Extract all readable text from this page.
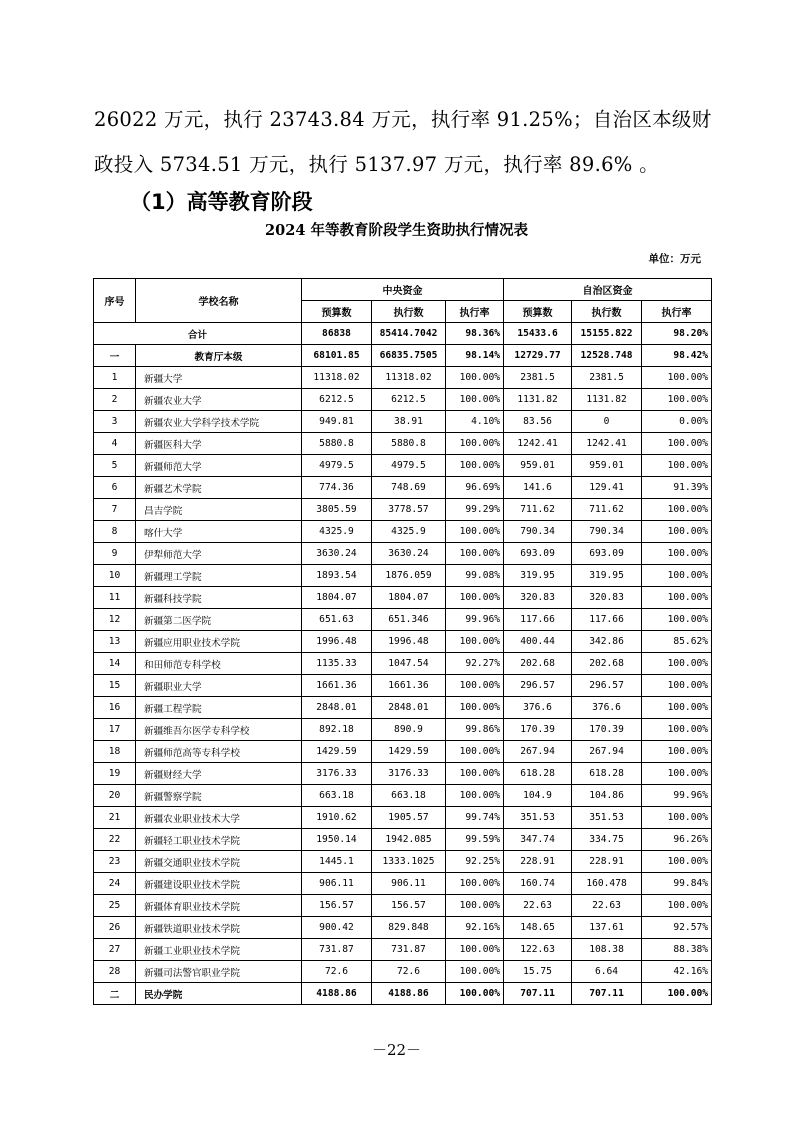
26022 万元，执行 23743.84 万元，执行率 91.25%；自治区本级财
政投入 5734.51 万元，执行 5137.97 万元，执行率 89.6% 。
（1）高等教育阶段
2024 年等教育阶段学生资助执行情况表
单位：万元
序号	学校名称	中央资金			自治区资金		
		预算数	执行数	执行率	预算数	执行数	执行率
合计		86838	85414.7042	98.36%	15433.6	15155.822	98.20%
一	教育厅本级	68101.85	66835.7505	98.14%	12729.77	12528.748	98.42%
1	新疆大学	11318.02	11318.02	100.00%	2381.5	2381.5	100.00%
2	新疆农业大学	6212.5	6212.5	100.00%	1131.82	1131.82	100.00%
3	新疆农业大学科学技术学院	949.81	38.91	4.10%	83.56	0	0.00%
4	新疆医科大学	5880.8	5880.8	100.00%	1242.41	1242.41	100.00%
5	新疆师范大学	4979.5	4979.5	100.00%	959.01	959.01	100.00%
6	新疆艺术学院	774.36	748.69	96.69%	141.6	129.41	91.39%
7	昌吉学院	3805.59	3778.57	99.29%	711.62	711.62	100.00%
8	喀什大学	4325.9	4325.9	100.00%	790.34	790.34	100.00%
9	伊犁师范大学	3630.24	3630.24	100.00%	693.09	693.09	100.00%
10	新疆理工学院	1893.54	1876.059	99.08%	319.95	319.95	100.00%
11	新疆科技学院	1804.07	1804.07	100.00%	320.83	320.83	100.00%
12	新疆第二医学院	651.63	651.346	99.96%	117.66	117.66	100.00%
13	新疆应用职业技术学院	1996.48	1996.48	100.00%	400.44	342.86	85.62%
14	和田师范专科学校	1135.33	1047.54	92.27%	202.68	202.68	100.00%
15	新疆职业大学	1661.36	1661.36	100.00%	296.57	296.57	100.00%
16	新疆工程学院	2848.01	2848.01	100.00%	376.6	376.6	100.00%
17	新疆维吾尔医学专科学校	892.18	890.9	99.86%	170.39	170.39	100.00%
18	新疆师范高等专科学校	1429.59	1429.59	100.00%	267.94	267.94	100.00%
19	新疆财经大学	3176.33	3176.33	100.00%	618.28	618.28	100.00%
20	新疆警察学院	663.18	663.18	100.00%	104.9	104.86	99.96%
21	新疆农业职业技术大学	1910.62	1905.57	99.74%	351.53	351.53	100.00%
22	新疆轻工职业技术学院	1950.14	1942.085	99.59%	347.74	334.75	96.26%
23	新疆交通职业技术学院	1445.1	1333.1025	92.25%	228.91	228.91	100.00%
24	新疆建设职业技术学院	906.11	906.11	100.00%	160.74	160.478	99.84%
25	新疆体育职业技术学院	156.57	156.57	100.00%	22.63	22.63	100.00%
26	新疆铁道职业技术学院	900.42	829.848	92.16%	148.65	137.61	92.57%
27	新疆工业职业技术学院	731.87	731.87	100.00%	122.63	108.38	88.38%
28	新疆司法警官职业学院	72.6	72.6	100.00%	15.75	6.64	42.16%
二	民办学院	4188.86	4188.86	100.00%	707.11	707.11	100.00%
－22－
